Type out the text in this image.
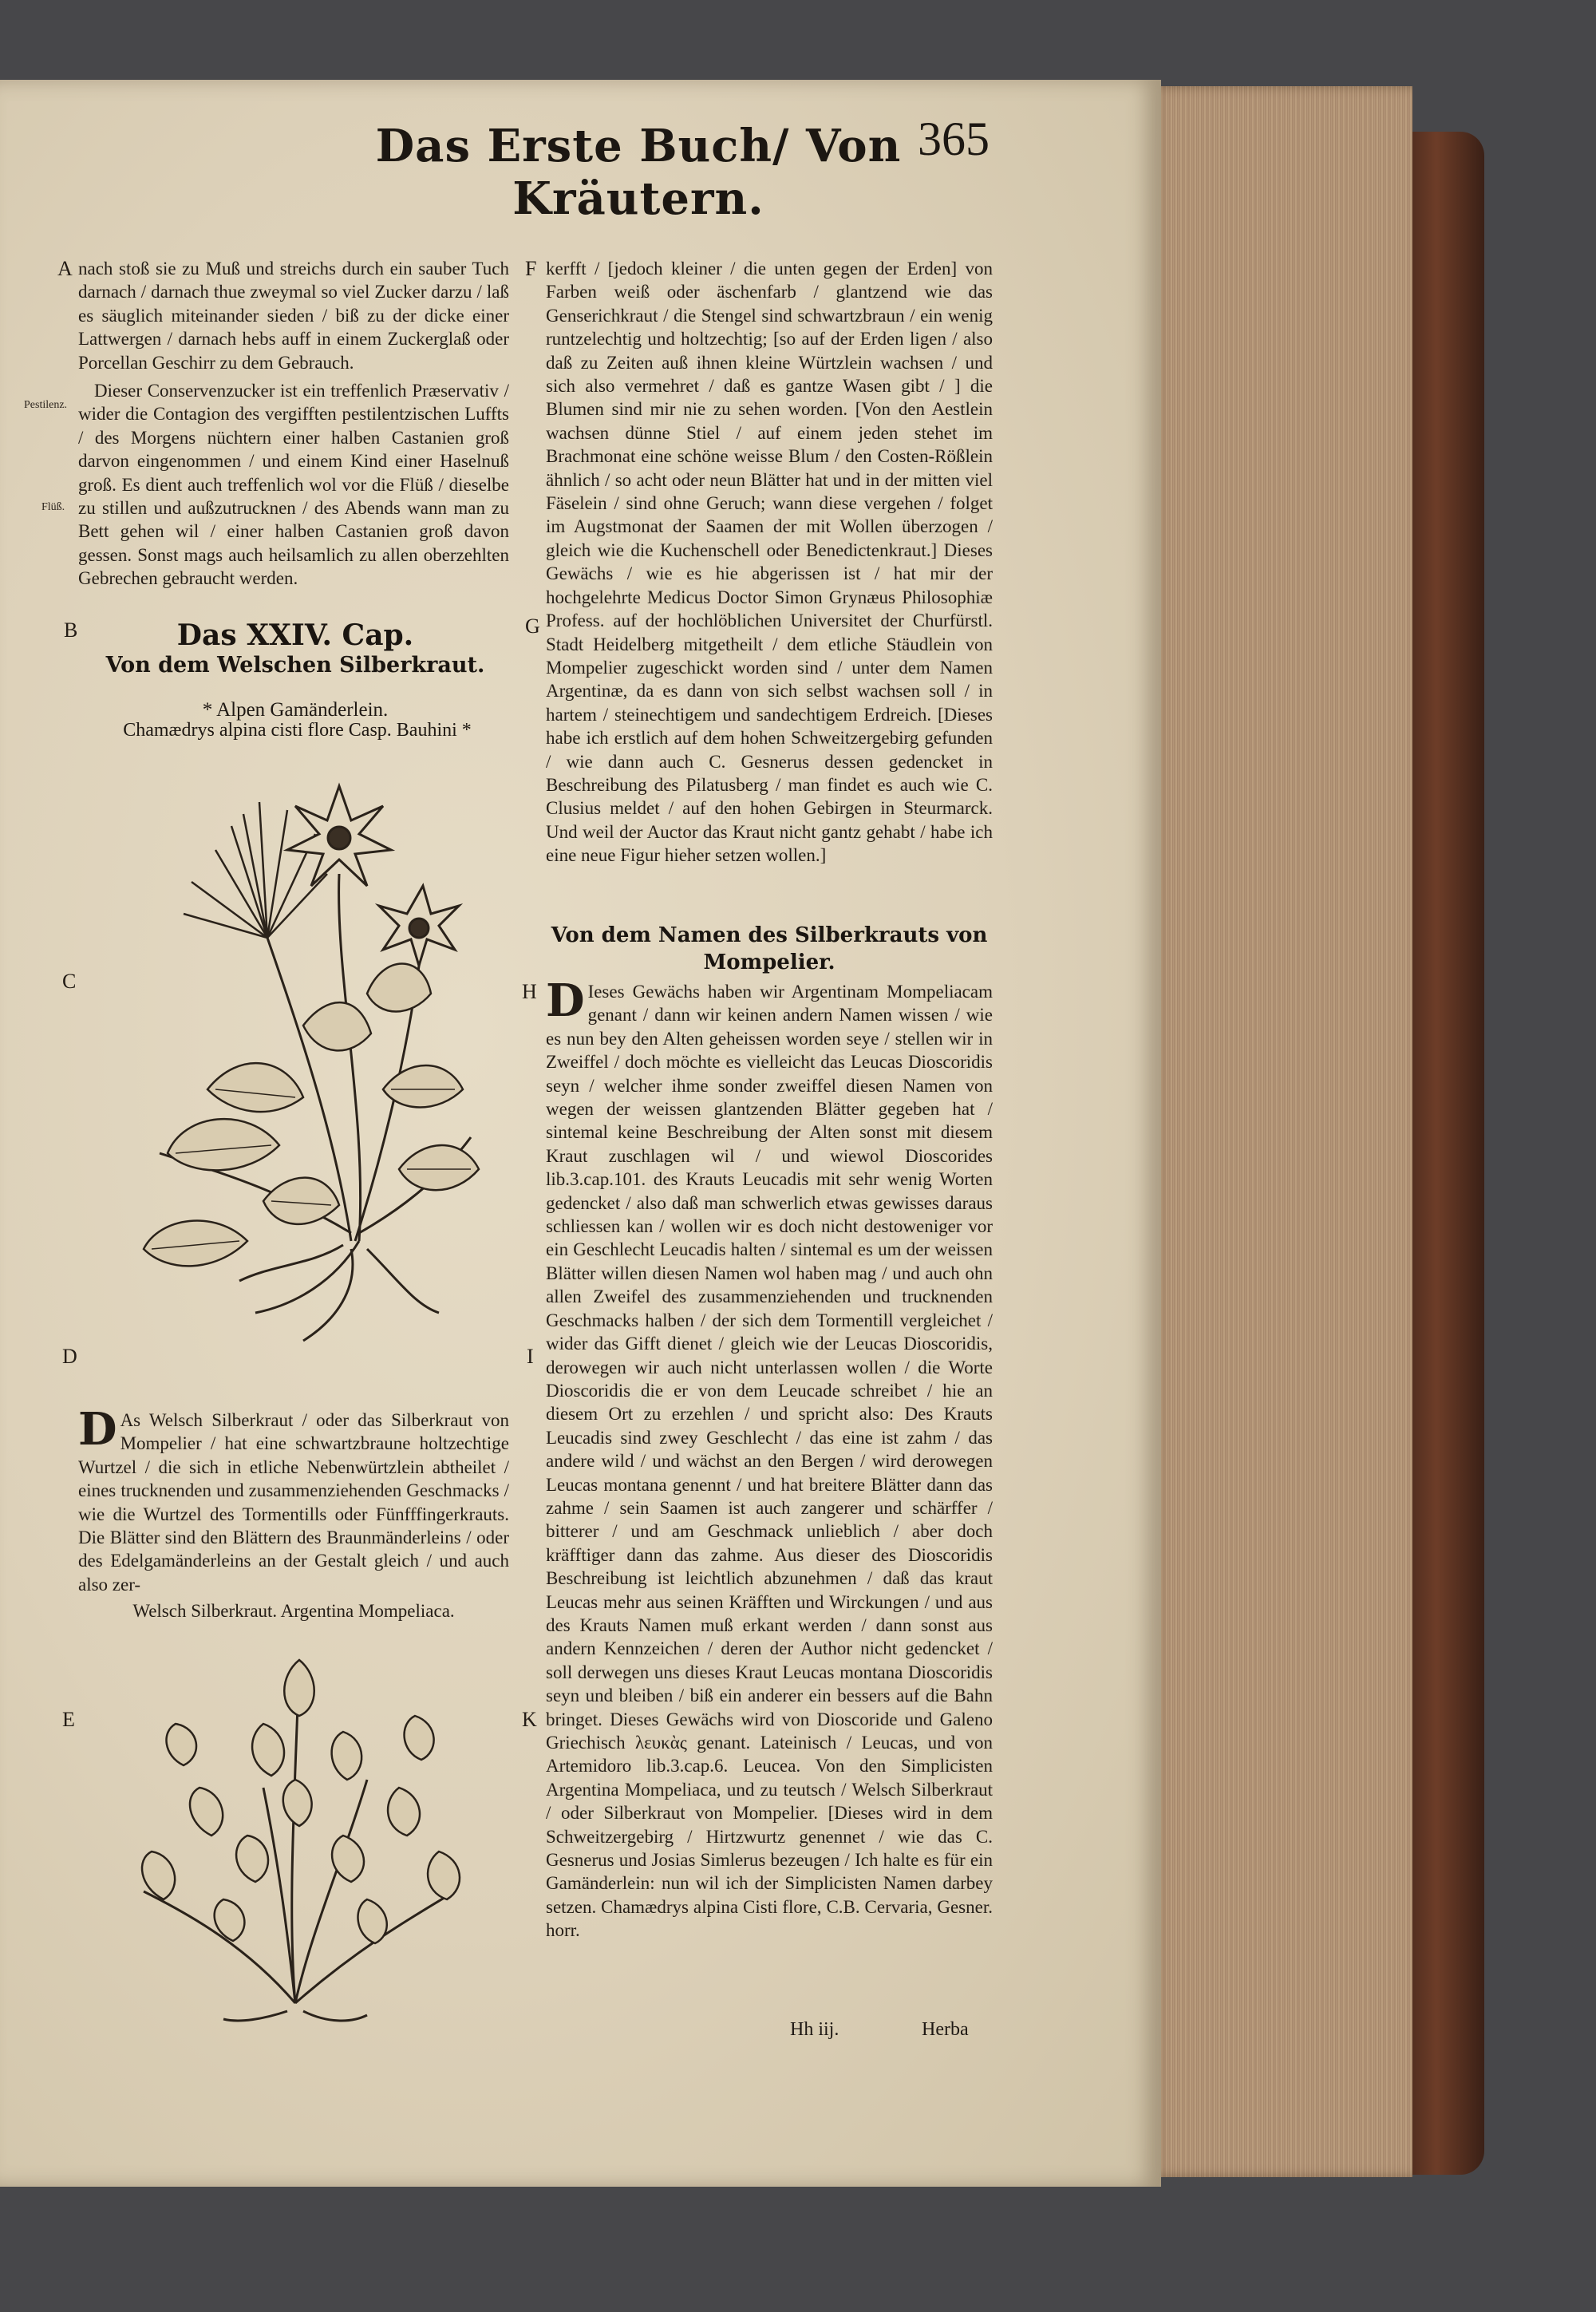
Das Erste Buch/ Von Kräutern.
365
A
B
C
D
E
F
G
H
I
K
Pestilenz.
Flüß.

nach stoß sie zu Muß und streichs durch ein sauber Tuch darnach / darnach thue zweymal so viel Zucker darzu / laß es säuglich miteinander sieden / biß zu der dicke einer Lattwergen / darnach hebs auff in einem Zuckerglaß oder Porcellan Geschirr zu dem Gebrauch.

Dieser Conservenzucker ist ein treffenlich Præservativ / wider die Contagion des vergifften pestilentzischen Luffts / des Morgens nüchtern einer halben Castanien groß darvon eingenommen / und einem Kind einer Haselnuß groß. Es dient auch treffenlich wol vor die Flüß / dieselbe zu stillen und außzutrucknen / des Abends wann man zu Bett gehen wil / einer halben Castanien groß davon gessen. Sonst mags auch heilsamlich zu allen oberzehlten Gebrechen gebraucht werden.

Das XXIV. Cap.
Von dem Welschen Silberkraut.
* Alpen Gamänderlein.
Chamædrys alpina cisti flore Casp. Bauhini *
D As Welsch Silberkraut / oder das Silberkraut von Mompelier / hat eine schwartzbraune holtzechtige Wurtzel / die sich in etliche Nebenwürtzlein abtheilet / eines trucknenden und zusammenziehenden Geschmacks / wie die Wurtzel des Tormentills oder Fünfffingerkrauts. Die Blätter sind den Blättern des Braunmänderleins / oder des Edelgamänderleins an der Gestalt gleich / und auch also zer-
Welsch Silberkraut. Argentina Mompeliaca.

kerfft / [jedoch kleiner / die unten gegen der Erden] von Farben weiß oder äschenfarb / glantzend wie das Genserichkraut / die Stengel sind schwartzbraun / ein wenig runtzelechtig und holtzechtig; [so auf der Erden ligen / also daß zu Zeiten auß ihnen kleine Würtzlein wachsen / und sich also vermehret / daß es gantze Wasen gibt / ] die Blumen sind mir nie zu sehen worden. [Von den Aestlein wachsen dünne Stiel / auf einem jeden stehet im Brachmonat eine schöne weisse Blum / den Costen-Rößlein ähnlich / so acht oder neun Blätter hat und in der mitten viel Fäselein / sind ohne Geruch; wann diese vergehen / folget im Augstmonat der Saamen der mit Wollen überzogen / gleich wie die Kuchenschell oder Benedictenkraut.] Dieses Gewächs / wie es hie abgerissen ist / hat mir der hochgelehrte Medicus Doctor Simon Grynæus Philosophiæ Profess. auf der hochlöblichen Universitet der Churfürstl. Stadt Heidelberg mitgetheilt / dem etliche Stäudlein von Mompelier zugeschickt worden sind / unter dem Namen Argentinæ, da es dann von sich selbst wachsen soll / in hartem / steinechtigem und sandechtigem Erdreich. [Dieses habe ich erstlich auf dem hohen Schweitzergebirg gefunden / wie dann auch C. Gesnerus dessen gedencket in Beschreibung des Pilatusberg / man findet es auch wie C. Clusius meldet / auf den hohen Gebirgen in Steurmarck. Und weil der Auctor das Kraut nicht gantz gehabt / habe ich eine neue Figur hieher setzen wollen.]

Von dem Namen des Silberkrauts von Mompelier.

D Ieses Gewächs haben wir Argentinam Mompeliacam genant / dann wir keinen andern Namen wissen / wie es nun bey den Alten geheissen worden seye / stellen wir in Zweiffel / doch möchte es vielleicht das Leucas Dioscoridis seyn / welcher ihme sonder zweiffel diesen Namen von wegen der weissen glantzenden Blätter gegeben hat / sintemal keine Beschreibung der Alten sonst mit diesem Kraut zuschlagen wil / und wiewol Dioscorides lib.3.cap.101. des Krauts Leucadis mit sehr wenig Worten gedencket / also daß man schwerlich etwas gewisses daraus schliessen kan / wollen wir es doch nicht destoweniger vor ein Geschlecht Leucadis halten / sintemal es um der weissen Blätter willen diesen Namen wol haben mag / und auch ohn allen Zweifel des zusammenziehenden und trucknenden Geschmacks halben / der sich dem Tormentill vergleichet / wider das Gifft dienet / gleich wie der Leucas Dioscoridis, derowegen wir auch nicht unterlassen wollen / die Worte Dioscoridis die er von dem Leucade schreibet / hie an diesem Ort zu erzehlen / und spricht also: Des Krauts Leucadis sind zwey Geschlecht / das eine ist zahm / das andere wild / und wächst an den Bergen / wird derowegen Leucas montana genennt / und hat breitere Blätter dann das zahme / sein Saamen ist auch zangerer und schärffer / bitterer / und am Geschmack unlieblich / aber doch kräfftiger dann das zahme. Aus dieser des Dioscoridis Beschreibung ist leichtlich abzunehmen / daß das kraut Leucas mehr aus seinen Kräfften und Wirckungen / und aus des Krauts Namen muß erkant werden / dann sonst aus andern Kennzeichen / deren der Author nicht gedencket / soll derwegen uns dieses Kraut Leucas montana Dioscoridis seyn und bleiben / biß ein anderer ein bessers auf die Bahn bringet. Dieses Gewächs wird von Dioscoride und Galeno Griechisch λευκὰς genant. Lateinisch / Leucas, und von Artemidoro lib.3.cap.6. Leucea. Von den Simplicisten Argentina Mompeliaca, und zu teutsch / Welsch Silberkraut / oder Silberkraut von Mompelier. [Dieses wird in dem Schweitzergebirg / Hirtzwurtz genennet / wie das C. Gesnerus und Josias Simlerus bezeugen / Ich halte es für ein Gamänderlein: nun wil ich der Simplicisten Namen darbey setzen. Chamædrys alpina Cisti flore, C.B. Cervaria, Gesner. horr.

Hh iij.	Herba
